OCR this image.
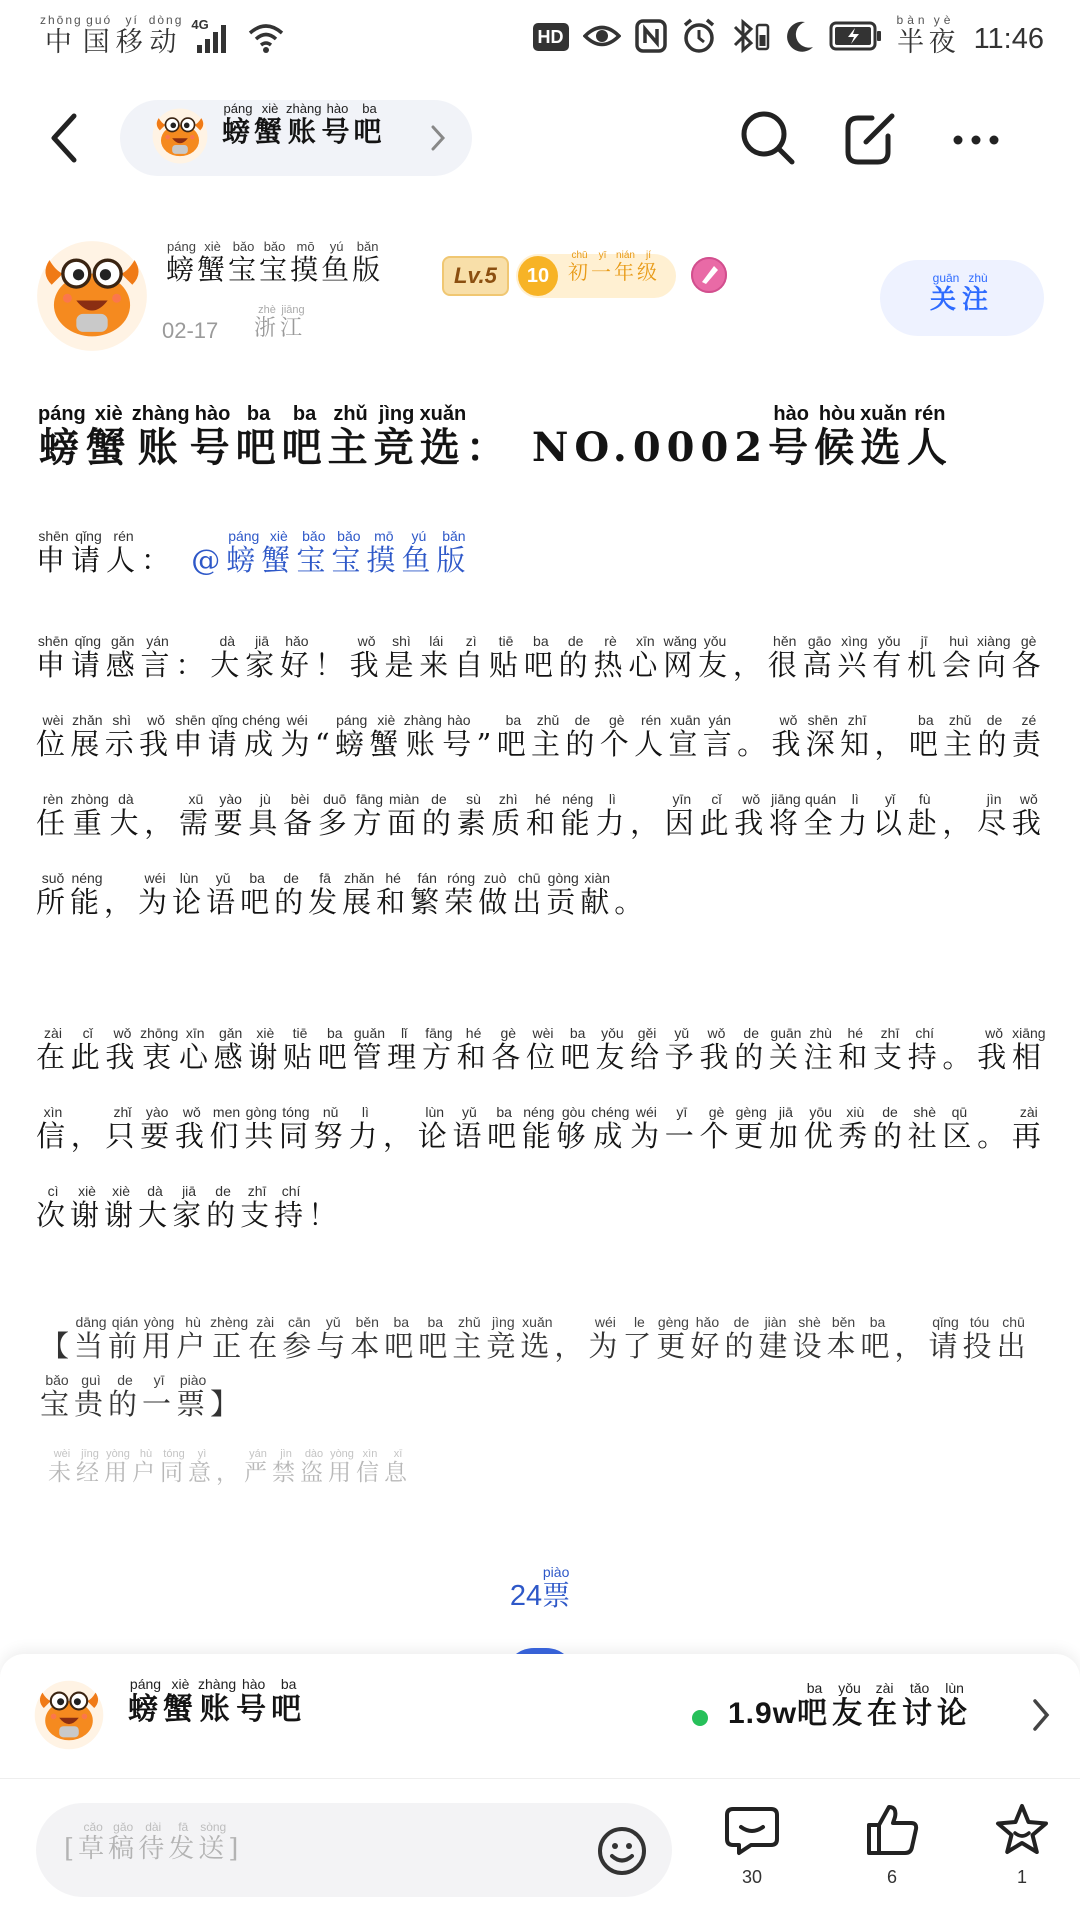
中zhōng国guó移yí动dòng 4G
HD	半bàn夜yè
11:46
螃páng蟹xiè账zhàng号hào吧ba
螃páng蟹xiè宝bǎo宝bǎo摸mō鱼yú版bǎn
Lv.5	10 初chū一yī年nián级jí
02-17 浙zhè江jiāng	关guān注zhù
螃páng蟹xiè账zhàng号hào吧ba吧ba主zhǔ竞jìng选xuǎn： NO.0002号hào候hòu选xuǎn人rén
申shēn请qǐng人rén： @螃páng蟹xiè宝bǎo宝bǎo摸mō鱼yú版bǎn
申shēn请qǐng感gǎn言yán：大dà家jiā好hǎo！我wǒ是shì来lái自zì贴tiē吧ba的de热rè心xīn网wǎng友yǒu，很hěn高gāo兴xìng有yǒu机jī会huì向xiàng各gè位wèi展zhǎn示shì我wǒ申shēn请qǐng成chéng为wéi“螃páng蟹xiè账zhàng号hào”吧ba主zhǔ的de个gè人rén宣xuān言yán。我wǒ深shēn知zhī，吧ba主zhǔ的de责zé任rèn重zhòng大dà，需xū要yào具jù备bèi多duō方fāng面miàn的de素sù质zhì和hé能néng力lì，因yīn此cǐ我wǒ将jiāng全quán力lì以yǐ赴fù，尽jìn我wǒ所suǒ能néng，为wéi论lùn语yǔ吧ba的de发fā展zhǎn和hé繁fán荣róng做zuò出chū贡gòng献xiàn。
在zài此cǐ我wǒ衷zhōng心xīn感gǎn谢xiè贴tiē吧ba管guǎn理lǐ方fāng和hé各gè位wèi吧ba友yǒu给gěi予yǔ我wǒ的de关guān注zhù和hé支zhī持chí。我wǒ相xiāng信xìn，只zhǐ要yào我wǒ们men共gòng同tóng努nǔ力lì，论lùn语yǔ吧ba能néng够gòu成chéng为wéi一yī个gè更gèng加jiā优yōu秀xiù的de社shè区qū。再zài次cì谢xiè谢xiè大dà家jiā的de支zhī持chí！
【当dāng前qián用yòng户hù正zhèng在zài参cān与yǔ本běn吧ba吧ba主zhǔ竞jìng选xuǎn，为wéi了le更gèng好hǎo的de建jiàn设shè本běn吧ba，请qǐng投tóu出chū宝bǎo贵guì的de一yī票piào】
未wèi经jīng用yòng户hù同tóng意yì，严yán禁jìn盗dào用yòng信xìn息xī
24票piào
螃páng蟹xiè账zhàng号hào吧ba
1.9w吧ba友yǒu在zài讨tǎo论lùn
[草cǎo稿gǎo待dài发fā送sòng]
30	6	1
